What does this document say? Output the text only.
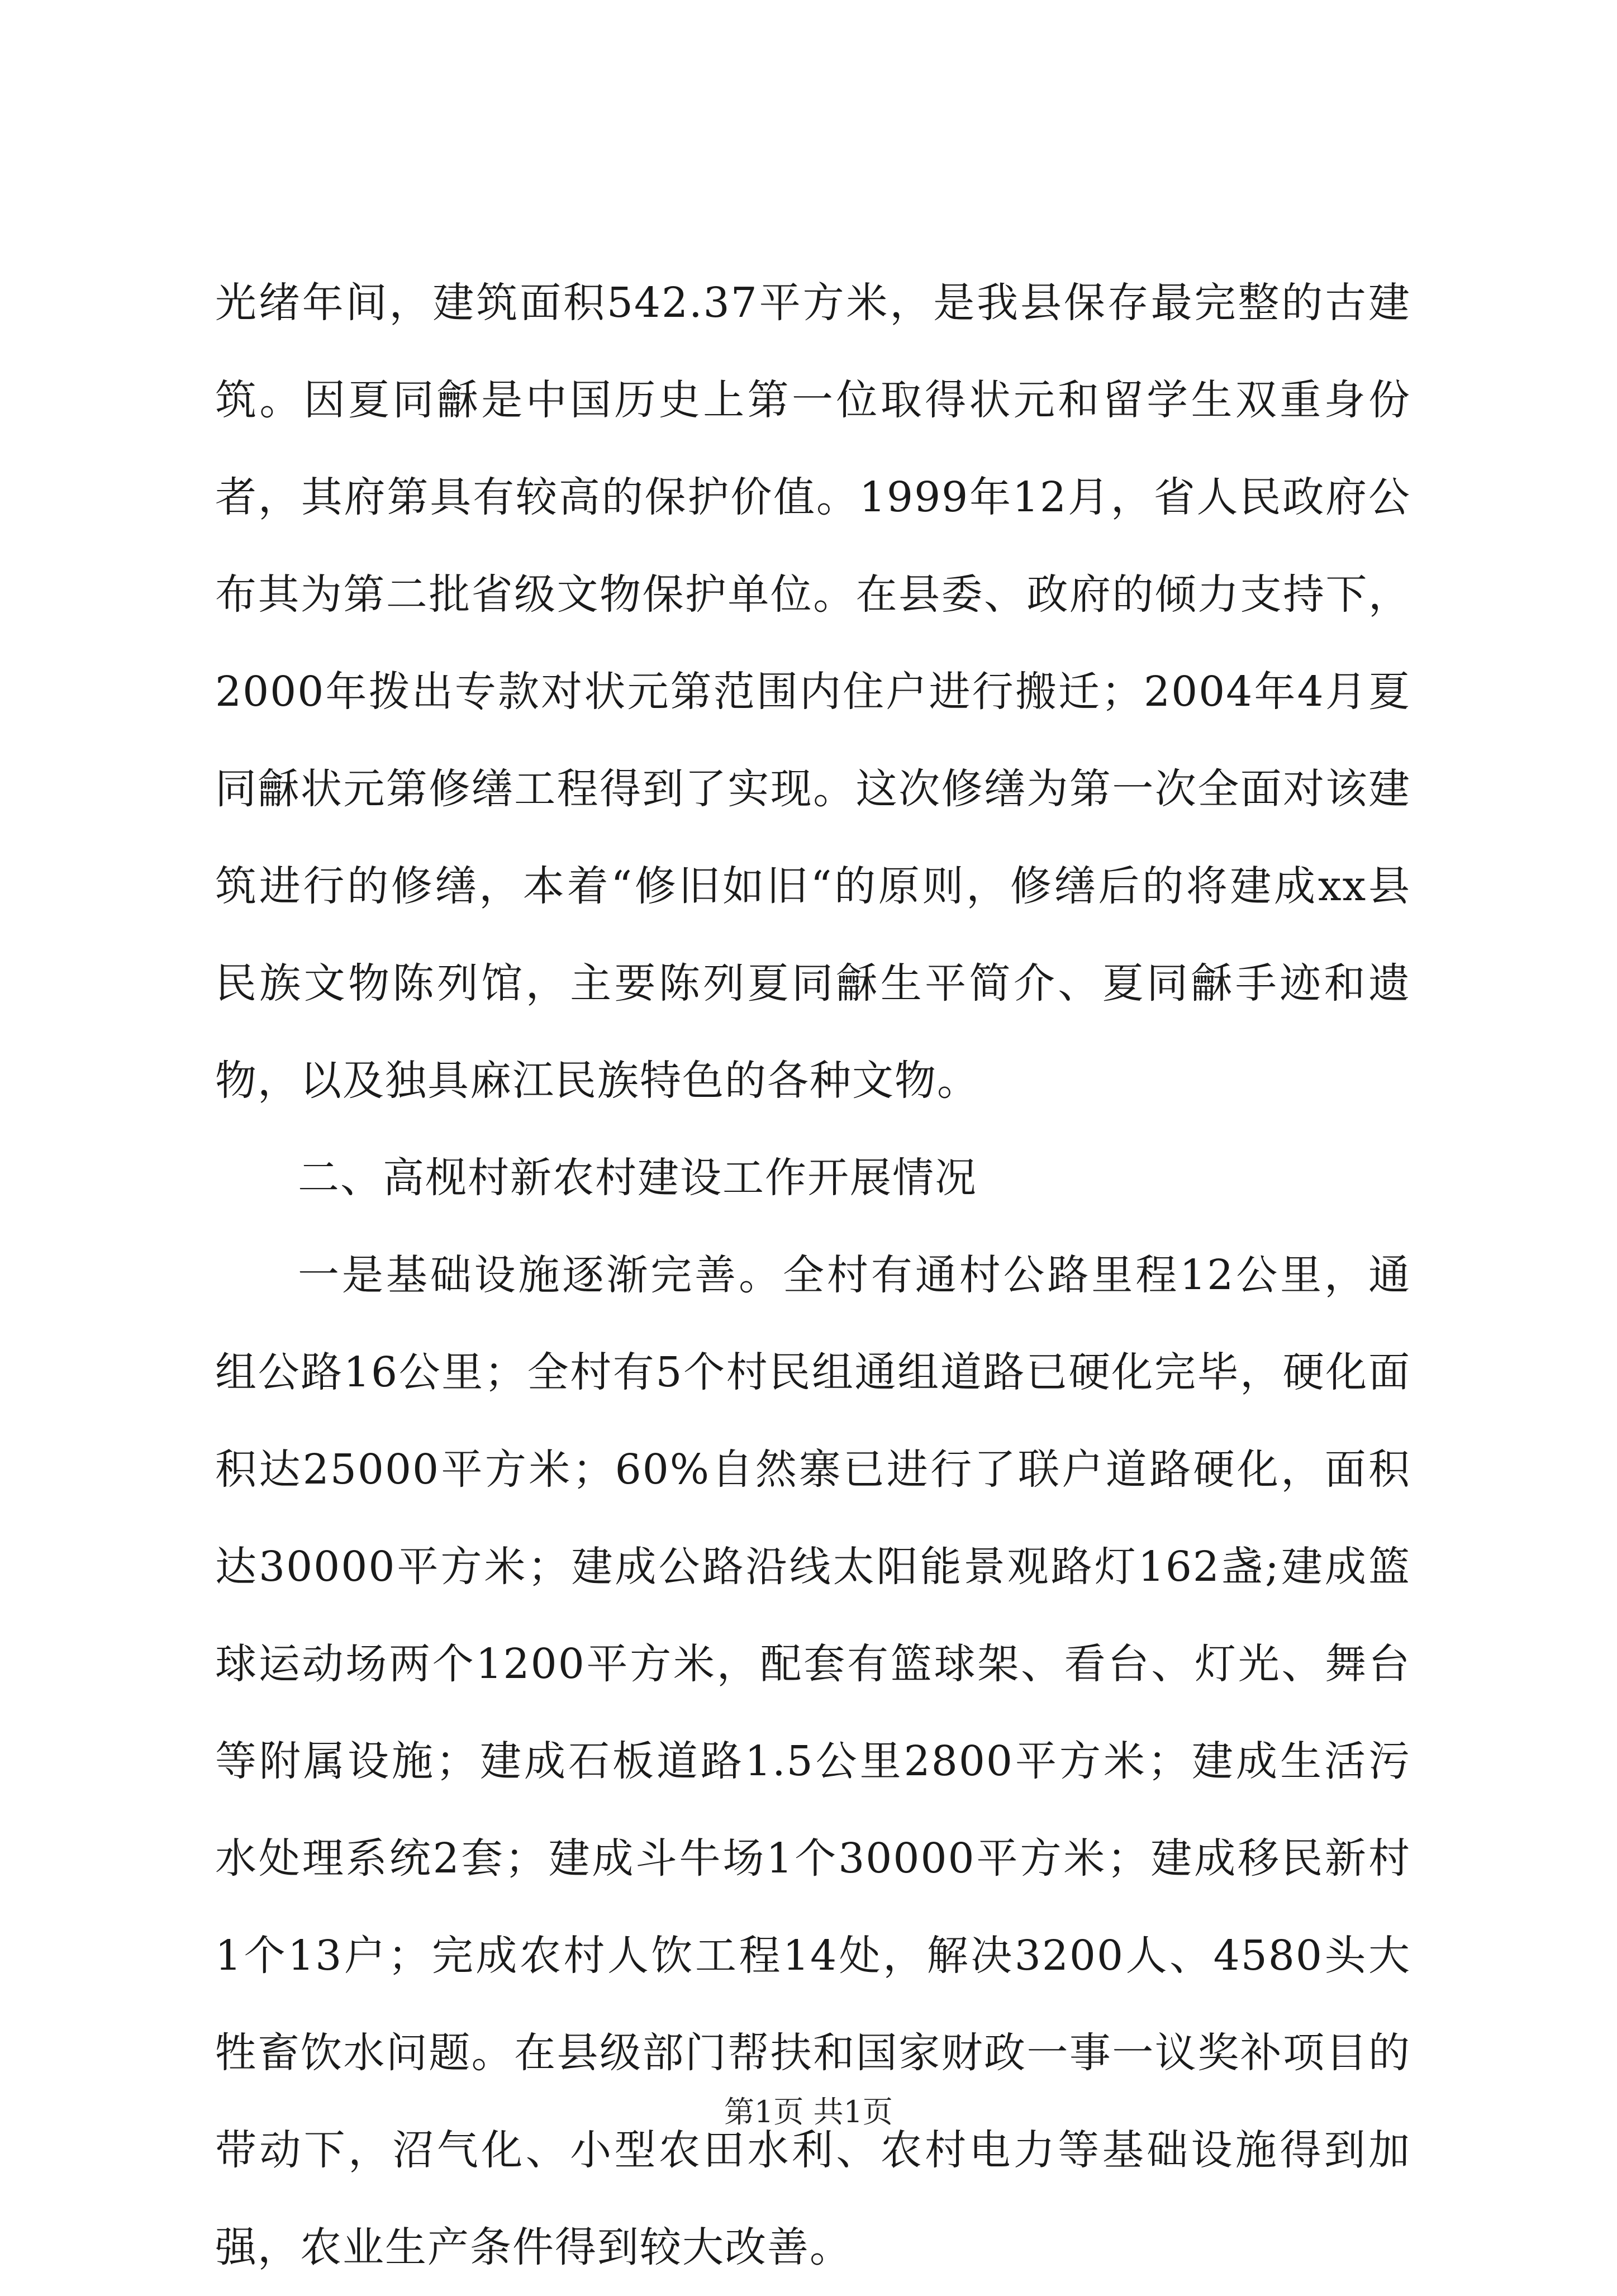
光绪年间，建筑面积542.37平方米，是我县保存最完整的古建筑。因夏同龢是中国历史上第一位取得状元和留学生双重身份者，其府第具有较高的保护价值。1999年12月，省人民政府公布其为第二批省级文物保护单位。在县委、政府的倾力支持下，2000年拨出专款对状元第范围内住户进行搬迁；2004年4月夏同龢状元第修缮工程得到了实现。这次修缮为第一次全面对该建筑进行的修缮，本着“修旧如旧“的原则，修缮后的将建成xx县民族文物陈列馆，主要陈列夏同龢生平简介、夏同龢手迹和遗物，以及独具麻江民族特色的各种文物。

二、高枧村新农村建设工作开展情况

一是基础设施逐渐完善。全村有通村公路里程12公里，通组公路16公里；全村有5个村民组通组道路已硬化完毕，硬化面积达25000平方米；60%自然寨已进行了联户道路硬化，面积达30000平方米；建成公路沿线太阳能景观路灯162盏;建成篮球运动场两个1200平方米，配套有篮球架、看台、灯光、舞台等附属设施；建成石板道路1.5公里2800平方米；建成生活污水处理系统2套；建成斗牛场1个30000平方米；建成移民新村1个13户；完成农村人饮工程14处，解决3200人、4580头大牲畜饮水问题。在县级部门帮扶和国家财政一事一议奖补项目的带动下，沼气化、小型农田水利、农村电力等基础设施得到加强，农业生产条件得到较大改善。

第1页 共1页
